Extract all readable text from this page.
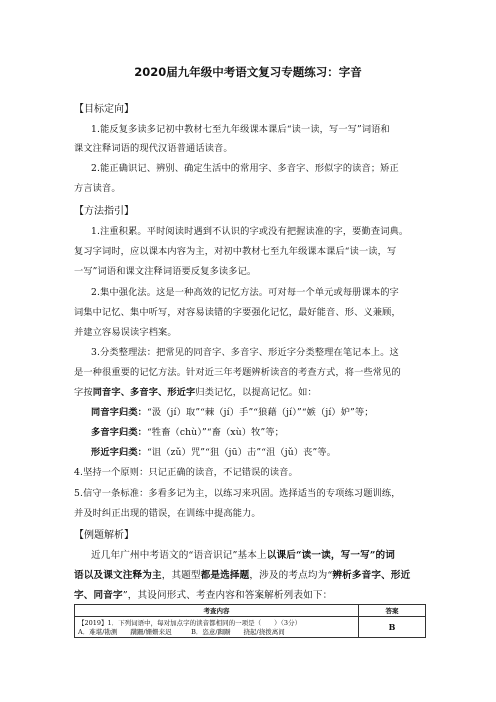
2020届九年级中考语文复习专题练习：字音
【目标定向】
1.能反复多读多记初中教材七至九年级课本课后“读一读，写一写”词语和
课文注释词语的现代汉语普通话读音。
2.能正确识记、辨别、确定生活中的常用字、多音字、形似字的读音；矫正
方言读音。
【方法指引】
1.注重积累。平时阅读时遇到不认识的字或没有把握读准的字，要勤查词典。
复习字词时，应以课本内容为主，对初中教材七至九年级课本课后“读一读，写
一写”词语和课文注释词语要反复多读多记。
2.集中强化法。这是一种高效的记忆方法。可对每一个单元或每册课本的字
词集中记忆、集中听写，对容易读错的字要强化记忆，最好能音、形、义兼顾，
并建立容易误读字档案。
3.分类整理法：把常见的同音字、多音字、形近字分类整理在笔记本上。这
是一种很重要的记忆方法。针对近三年考题辨析读音的考查方式，将一些常见的
字按同音字、多音字、形近字归类记忆，以提高记忆。如：
同音字归类：“汲（jí）取”“棘（jí）手”“狼藉（jí）”“嫉（jí）妒”等；
多音字归类：“牲畜（chù）”“畜（xù）牧”等；
形近字归类：“诅（zǔ）咒”“狙（jū）击”“沮（jǔ）丧”等。
4.坚持一个原则：只记正确的读音，不记错误的读音。
5.信守一条标准：多看多记为主，以练习来巩固。选择适当的专项练习题训练，
并及时纠正出现的错误，在训练中提高能力。
【例题解析】
近几年广州中考语文的“语音识记”基本上以课后“读一读，写一写”的词
语以及课文注释为主，其题型都是选择题，涉及的考点均为“辨析多音字、形近
字、同音字”，其设问形式、考查内容和答案解析列表如下：
考查内容	答案

【2019】1．下列词语中，每对加点字的读音都相同的一项是（　　）（3分）
A．难堪/勘测　　蹒跚/姗姗来迟　　　 B．恣意/踟蹰　　挠起/挠拨离间	B
